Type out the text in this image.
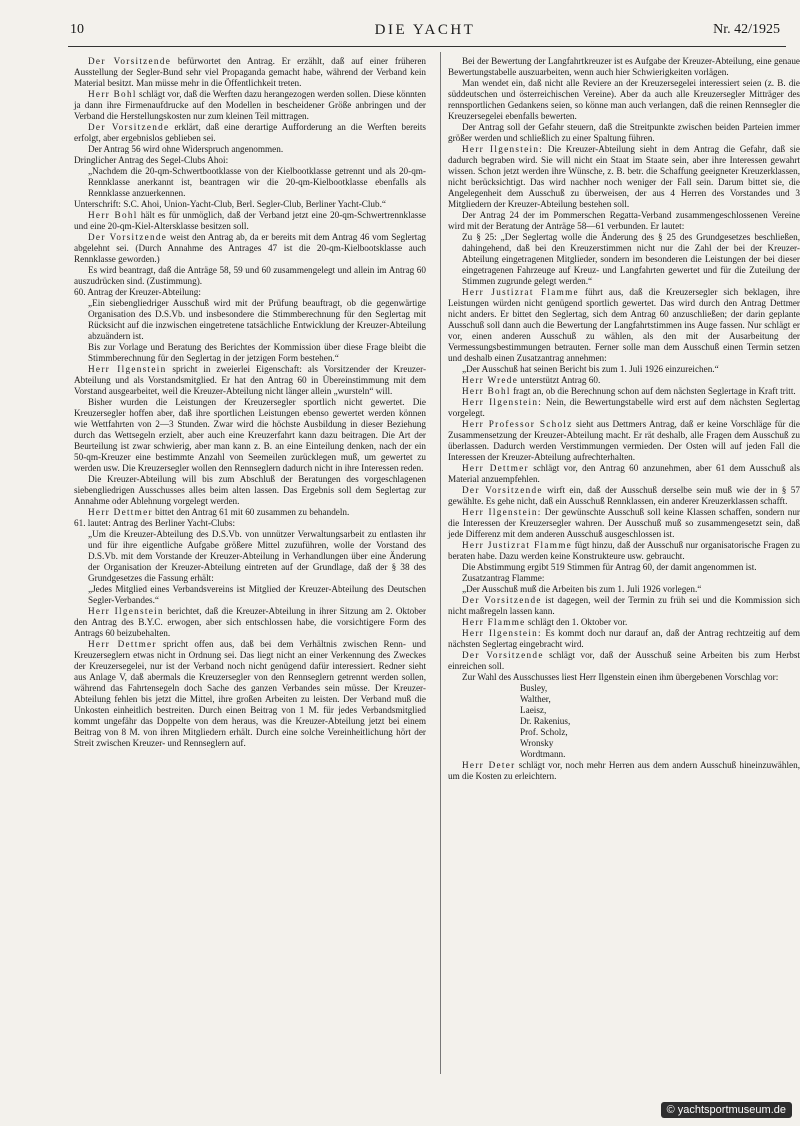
10	DIE YACHT	Nr. 42/1925

Der Vorsitzende befürwortet den Antrag. Er erzählt, daß auf einer früheren Ausstellung der Segler-Bund sehr viel Propaganda gemacht habe, während der Verband kein Material besitzt. Man müsse mehr in die Öffentlichkeit treten.

Herr Bohl schlägt vor, daß die Werften dazu herangezogen werden sollen. Diese könnten ja dann ihre Firmenaufdrucke auf den Modellen in bescheidener Größe anbringen und der Verband die Herstellungskosten nur zum kleinen Teil mittragen.

Der Vorsitzende erklärt, daß eine derartige Aufforderung an die Werften bereits erfolgt, aber ergebnislos geblieben sei.

Der Antrag 56 wird ohne Widerspruch angenommen.

Dringlicher Antrag des Segel-Clubs Ahoi:

„Nachdem die 20-qm-Schwertbootklasse von der Kielbootklasse getrennt und als 20-qm-Rennklasse anerkannt ist, beantragen wir die 20-qm-Kielbootklasse ebenfalls als Rennklasse anzuerkennen.

Unterschrift: S.C. Ahoi, Union-Yacht-Club, Berl. Segler-Club, Berliner Yacht-Club.“

Herr Bohl hält es für unmöglich, daß der Verband jetzt eine 20-qm-Schwertrennklasse und eine 20-qm-Kiel-Altersklasse besitzen soll.

Der Vorsitzende weist den Antrag ab, da er bereits mit dem Antrag 46 vom Seglertag abgelehnt sei. (Durch Annahme des Antrages 47 ist die 20-qm-Kielbootsklasse auch Rennklasse geworden.)

Es wird beantragt, daß die Anträge 58, 59 und 60 zusammengelegt und allein im Antrag 60 auszudrücken sind. (Zustimmung).

60. Antrag der Kreuzer-Abteilung:

„Ein siebengliedriger Ausschuß wird mit der Prüfung beauftragt, ob die gegenwärtige Organisation des D.S.Vb. und insbesondere die Stimmberechnung für den Seglertag mit Rücksicht auf die inzwischen eingetretene tatsächliche Entwicklung der Kreuzer-Abteilung abzuändern ist.

Bis zur Vorlage und Beratung des Berichtes der Kommission über diese Frage bleibt die Stimmberechnung für den Seglertag in der jetzigen Form bestehen.“

Herr Ilgenstein spricht in zweierlei Eigenschaft: als Vorsitzender der Kreuzer-Abteilung und als Vorstandsmitglied. Er hat den Antrag 60 in Übereinstimmung mit dem Vorstand ausgearbeitet, weil die Kreuzer-Abteilung nicht länger allein „wursteln“ will.

Bisher wurden die Leistungen der Kreuzersegler sportlich nicht gewertet. Die Kreuzersegler hoffen aber, daß ihre sportlichen Leistungen ebenso gewertet werden können wie Wettfahrten von 2—3 Stunden. Zwar wird die höchste Ausbildung in dieser Beziehung durch das Wettsegeln erzielt, aber auch eine Kreuzerfahrt kann dazu beitragen. Die Art der Beurteilung ist zwar schwierig, aber man kann z. B. an eine Einteilung denken, nach der ein 50-qm-Kreuzer eine bestimmte Anzahl von Seemeilen zurücklegen muß, um gewertet zu werden usw. Die Kreuzersegler wollen den Rennseglern dadurch nicht in ihre Interessen reden.

Die Kreuzer-Abteilung will bis zum Abschluß der Beratungen des vorgeschlagenen siebengliedrigen Ausschusses alles beim alten lassen. Das Ergebnis soll dem Seglertag zur Annahme oder Ablehnung vorgelegt werden.

Herr Dettmer bittet den Antrag 61 mit 60 zusammen zu behandeln.

61. lautet: Antrag des Berliner Yacht-Clubs:

„Um die Kreuzer-Abteilung des D.S.Vb. von unnützer Verwaltungsarbeit zu entlasten ihr und für ihre eigentliche Aufgabe größere Mittel zuzuführen, wolle der Vorstand des D.S.Vb. mit dem Vorstande der Kreuzer-Abteilung in Verhandlungen über eine Änderung der Organisation der Kreuzer-Abteilung eintreten auf der Grundlage, daß der § 38 des Grundgesetzes die Fassung erhält:

„Jedes Mitglied eines Verbandsvereins ist Mitglied der Kreuzer-Abteilung des Deutschen Segler-Verbandes.“

Herr Ilgenstein berichtet, daß die Kreuzer-Abteilung in ihrer Sitzung am 2. Oktober den Antrag des B.Y.C. erwogen, aber sich entschlossen habe, die vorsichtigere Form des Antrags 60 beizubehalten.

Herr Dettmer spricht offen aus, daß bei dem Verhältnis zwischen Renn- und Kreuzerseglern etwas nicht in Ordnung sei. Das liegt nicht an einer Verkennung des Zweckes der Kreuzersegelei, nur ist der Verband noch nicht genügend dafür interessiert. Redner sieht aus Anlage V, daß abermals die Kreuzersegler von den Rennseglern getrennt werden sollen, während das Fahrtensegeln doch Sache des ganzen Verbandes sein müsse. Der Kreuzer-Abteilung fehlen bis jetzt die Mittel, ihre großen Arbeiten zu leisten. Der Verband muß die Unkosten einheitlich bestreiten. Durch einen Beitrag von 1 M. für jedes Verbandsmitglied kommt ungefähr das Doppelte von dem heraus, was die Kreuzer-Abteilung jetzt bei einem Beitrag von 8 M. von ihren Mitgliedern erhält. Durch eine solche Vereinheitlichung hört der Streit zwischen Kreuzer- und Rennseglern auf.

Bei der Bewertung der Langfahrtkreuzer ist es Aufgabe der Kreuzer-Abteilung, eine genaue Bewertungstabelle auszuarbeiten, wenn auch hier Schwierigkeiten vorlägen.

Man wendet ein, daß nicht alle Reviere an der Kreuzersegelei interessiert seien (z. B. die süddeutschen und österreichischen Vereine). Aber da auch alle Kreuzersegler Mitträger des rennsportlichen Gedankens seien, so könne man auch verlangen, daß die reinen Rennsegler die Kreuzersegelei ebenfalls bewerten.

Der Antrag soll der Gefahr steuern, daß die Streitpunkte zwischen beiden Parteien immer größer werden und schließlich zu einer Spaltung führen.

Herr Ilgenstein: Die Kreuzer-Abteilung sieht in dem Antrag die Gefahr, daß sie dadurch begraben wird. Sie will nicht ein Staat im Staate sein, aber ihre Interessen gewahrt wissen. Schon jetzt werden ihre Wünsche, z. B. betr. die Schaffung geeigneter Kreuzerklassen, nicht berücksichtigt. Das wird nachher noch weniger der Fall sein. Darum bittet sie, die Angelegenheit dem Ausschuß zu überweisen, der aus 4 Herren des Vorstandes und 3 Mitgliedern der Kreuzer-Abteilung bestehen soll.

Der Antrag 24 der im Pommerschen Regatta-Verband zusammengeschlossenen Vereine wird mit der Beratung der Anträge 58—61 verbunden. Er lautet:

Zu § 25: „Der Seglertag wolle die Änderung des § 25 des Grundgesetzes beschließen, dahingehend, daß bei den Kreuzerstimmen nicht nur die Zahl der bei der Kreuzer-Abteilung eingetragenen Mitglieder, sondern im besonderen die Leistungen der bei dieser eingetragenen Fahrzeuge auf Kreuz- und Langfahrten gewertet und für die Zuteilung der Stimmen zugrunde gelegt werden.“

Herr Justizrat Flamme führt aus, daß die Kreuzersegler sich beklagen, ihre Leistungen würden nicht genügend sportlich gewertet. Das wird durch den Antrag Dettmer nicht anders. Er bittet den Seglertag, sich dem Antrag 60 anzuschließen; der darin geplante Ausschuß soll dann auch die Bewertung der Langfahrtstimmen ins Auge fassen. Nur schlägt er vor, einen anderen Ausschuß zu wählen, als den mit der Ausarbeitung der Vermessungsbestimmungen betrauten. Ferner solle man dem Ausschuß einen Termin setzen und deshalb einen Zusatzantrag annehmen:

„Der Ausschuß hat seinen Bericht bis zum 1. Juli 1926 einzureichen.“

Herr Wrede unterstützt Antrag 60.

Herr Bohl fragt an, ob die Berechnung schon auf dem nächsten Seglertage in Kraft tritt.

Herr Ilgenstein: Nein, die Bewertungstabelle wird erst auf dem nächsten Seglertag vorgelegt.

Herr Professor Scholz sieht aus Dettmers Antrag, daß er keine Vorschläge für die Zusammensetzung der Kreuzer-Abteilung macht. Er rät deshalb, alle Fragen dem Ausschuß zu überlassen. Dadurch werden Verstimmungen vermieden. Der Osten will auf jeden Fall die Interessen der Kreuzer-Abteilung aufrechterhalten.

Herr Dettmer schlägt vor, den Antrag 60 anzunehmen, aber 61 dem Ausschuß als Material anzuempfehlen.

Der Vorsitzende wirft ein, daß der Ausschuß derselbe sein muß wie der in § 57 gewählte. Es gehe nicht, daß ein Ausschuß Rennklassen, ein anderer Kreuzerklassen schafft.

Herr Ilgenstein: Der gewünschte Ausschuß soll keine Klassen schaffen, sondern nur die Interessen der Kreuzersegler wahren. Der Ausschuß muß so zusammengesetzt sein, daß jede Differenz mit dem anderen Ausschuß ausgeschlossen ist.

Herr Justizrat Flamme fügt hinzu, daß der Ausschuß nur organisatorische Fragen zu beraten habe. Dazu werden keine Konstrukteure usw. gebraucht.

Die Abstimmung ergibt 519 Stimmen für Antrag 60, der damit angenommen ist.

Zusatzantrag Flamme:

„Der Ausschuß muß die Arbeiten bis zum 1. Juli 1926 vorlegen.“

Der Vorsitzende ist dagegen, weil der Termin zu früh sei und die Kommission sich nicht maßregeln lassen kann.

Herr Flamme schlägt den 1. Oktober vor.

Herr Ilgenstein: Es kommt doch nur darauf an, daß der Antrag rechtzeitig auf dem nächsten Seglertag eingebracht wird.

Der Vorsitzende schlägt vor, daß der Ausschuß seine Arbeiten bis zum Herbst einreichen soll.

Zur Wahl des Ausschusses liest Herr Ilgenstein einen ihm übergebenen Vorschlag vor:

Busley,
Walther,
Laeisz,
Dr. Rakenius,
Prof. Scholz,
Wronsky
Wordtmann.

Herr Deter schlägt vor, noch mehr Herren aus dem andern Ausschuß hineinzuwählen, um die Kosten zu erleichtern.

© yachtsportmuseum.de
